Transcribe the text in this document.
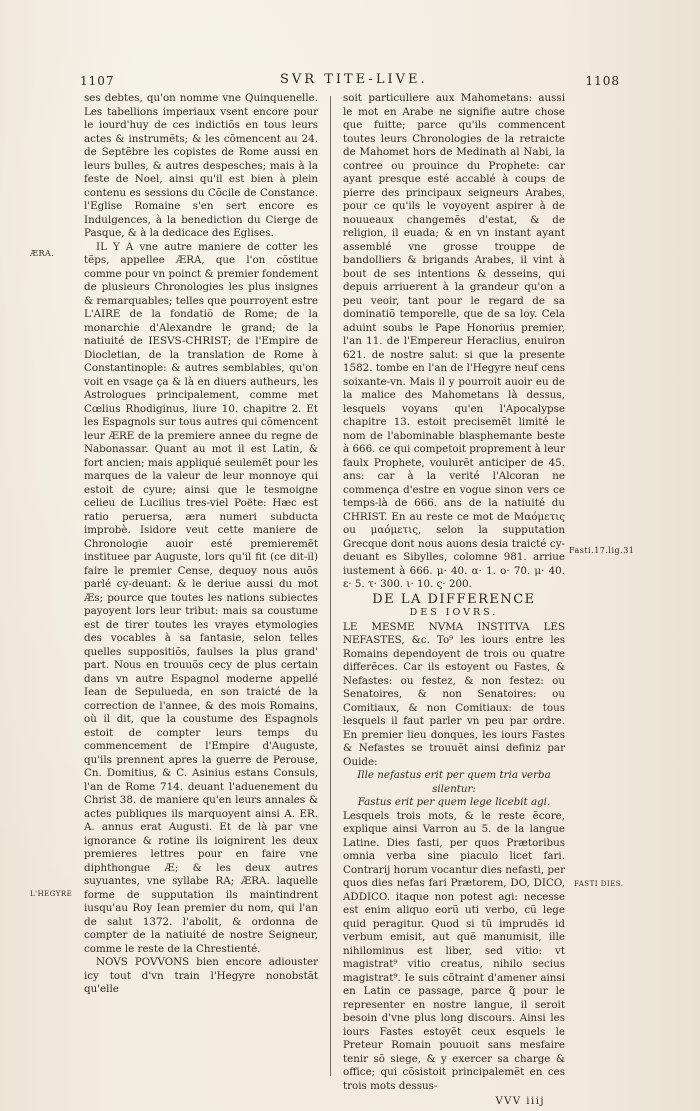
1107	SVR TITE-LIVE.	1108
ÆRA.
L'HEGYRE
Fasti.17.lig.31
FASTI DIES.

ses debtes, qu'on nomme vne Quinquenelle. Les tabellions imperiaux vsent encore pour le iourd'huy de ces indictiõs en tous leurs actes & instrumẽts; & les cõmencent au 24. de Septẽbre les copistes de Rome aussi en leurs bulles, & autres despesches; mais à la feste de Noel, ainsi qu'il est bien à plein contenu es sessions du Cõcile de Constance. l'Eglise Romaine s'en sert encore es Indulgences, à la benediction du Cierge de Pasque, & à la dedicace des Eglises.

IL Y A vne autre maniere de cotter les tẽps, appellee ÆRA, que l'on cõstitue comme pour vn poinct & premier fondement de plusieurs Chronologies les plus insignes & remarquables; telles que pourroyent estre L'AIRE de la fondatiõ de Rome; de la monarchie d'Alexandre le grand; de la natiuité de IESVS-CHRIST; de l'Empire de Diocletian, de la translation de Rome à Constantinople: & autres semblables, qu'on voit en vsage ça & là en diuers autheurs, les Astrologues principalement, comme met Cœlius Rhodiginus, liure 10. chapitre 2. Et les Espagnols sur tous autres qui cõmencent leur ÆRE de la premiere annee du regne de Nabonassar. Quant au mot il est Latin, & fort ancien; mais appliqué seulemẽt pour les marques de la valeur de leur monnoye qui estoit de cyure; ainsi que le tesmoigne celieu de Lucilius tres-viel Poëte: Hæc est ratio peruersa, æra numeri subducta improbè. Isidore veut cette maniere de Chronologie auoir esté premieremẽt instituee par Auguste, lors qu'il fit (ce dit-il) faire le premier Cense, dequoy nous auõs parlé cy-deuant: & le deriue aussi du mot Æs; pource que toutes les nations subiectes payoyent lors leur tribut: mais sa coustume est de tirer toutes les vrayes etymologies des vocables à sa fantasie, selon telles quelles suppositiõs, faulses la plus grand' part. Nous en trouuõs cecy de plus certain dans vn autre Espagnol moderne appellé Iean de Sepulueda, en son traicté de la correction de l'annee, & des mois Romains, où il dit, que la coustume des Espagnols estoit de compter leurs temps du commencement de l'Empire d'Auguste, qu'ils prennent apres la guerre de Perouse, Cn. Domitius, & C. Asinius estans Consuls, l'an de Rome 714. deuant l'aduenement du Christ 38. de maniere qu'en leurs annales & actes publiques ils marquoyent ainsi A. ER. A. annus erat Augusti. Et de là par vne ignorance & rotine ils ioignirent les deux premieres lettres pour en faire vne diphthongue Æ; & les deux autres suyuantes, vne syllabe RA; ÆRA. laquelle forme de supputation ils maintindrent iusqu'au Roy Iean premier du nom, qui l'an de salut 1372. l'abolit, & ordonna de compter de la natiuité de nostre Seigneur, comme le reste de la Chrestienté.

NOVS POVVONS bien encore adiouster icy tout d'vn train l'Hegyre nonobstãt qu'elle

soit particuliere aux Mahometans: aussi le mot en Arabe ne signifie autre chose que fuitte; parce qu'ils commencent toutes leurs Chronologies de la retraicte de Mahomet hors de Medinath al Nabi, la contree ou prouince du Prophete: car ayant presque esté accablé à coups de pierre des principaux seigneurs Arabes, pour ce qu'ils le voyoyent aspirer à de nouueaux changemẽs d'estat, & de religion, il euada; & en vn instant ayant assemblé vne grosse trouppe de bandolliers & brigands Arabes, il vint à bout de ses intentions & desseins, qui depuis arriuerent à la grandeur qu'on a peu veoir, tant pour le regard de sa dominatiõ temporelle, que de sa loy. Cela aduint soubs le Pape Honorius premier, l'an 11. de l'Empereur Heraclius, enuiron 621. de nostre salut: si que la presente 1582. tombe en l'an de l'Hegyre neuf cens soixante-vn. Mais il y pourroit auoir eu de la malice des Mahometans là dessus, lesquels voyans qu'en l'Apocalypse chapitre 13. estoit precisemẽt limité le nom de l'abominable blasphemante beste à 666. ce qui competoit proprement à leur faulx Prophete, voulurẽt anticiper de 45. ans: car à la verité l'Alcoran ne commença d'estre en vogue sinon vers ce temps-là de 666. ans de la natiuité du CHRIST. En au reste ce mot de Μαόμετις ou μαόμετις, selon la supputation Grecque dont nous auons desia traicté cy-deuant es Sibylles, colomne 981. arriue iustement à 666. μ· 40. α· 1. ο· 70. μ· 40. ε· 5. τ· 300. ι· 10. ς· 200.

DE LA DIFFERENCE

DES IOVRS.

LE MESME NVMA INSTITVA LES NEFASTES, &c. To⁹ les iours entre les Romains dependoyent de trois ou quatre differẽces. Car ils estoyent ou Fastes, & Nefastes: ou festez, & non festez: ou Senatoires, & non Senatoires: ou Comitiaux, & non Comitiaux: de tous lesquels il faut parler vn peu par ordre. En premier lieu donques, les iours Fastes & Nefastes se trouuẽt ainsi definiz par Ouide:

Ille nefastus erit per quem tria verba silentur:

Fastus erit per quem lege licebit agi.

Lesquels trois mots, & le reste ẽcore, explique ainsi Varron au 5. de la langue Latine. Dies fasti, per quos Prætoribus omnia verba sine piaculo licet fari. Contrarij horum vocantur dies nefasti, per quos dies nefas fari Prætorem, DO, DICO, ADDICO. itaque non potest agi: necesse est enim aliquo eorũ uti verbo, cũ lege quid peragitur. Quod si tũ imprudẽs id verbum emisit, aut quẽ manumisit, ille nihilominus est liber, sed vitio: vt magistrat⁹ vitio creatus, nihilo secius magistrat⁹. Ie suis cõtraint d'amener ainsi en Latin ce passage, parce q̃ pour le representer en nostre langue, il seroit besoin d'vne plus long discours. Ainsi les iours Fastes estoyẽt ceux esquels le Preteur Romain pouuoit sans mesfaire tenir sõ siege, & y exercer sa charge & office; qui cõsistoit principalemẽt en ces trois mots dessus-

VVV iiij
